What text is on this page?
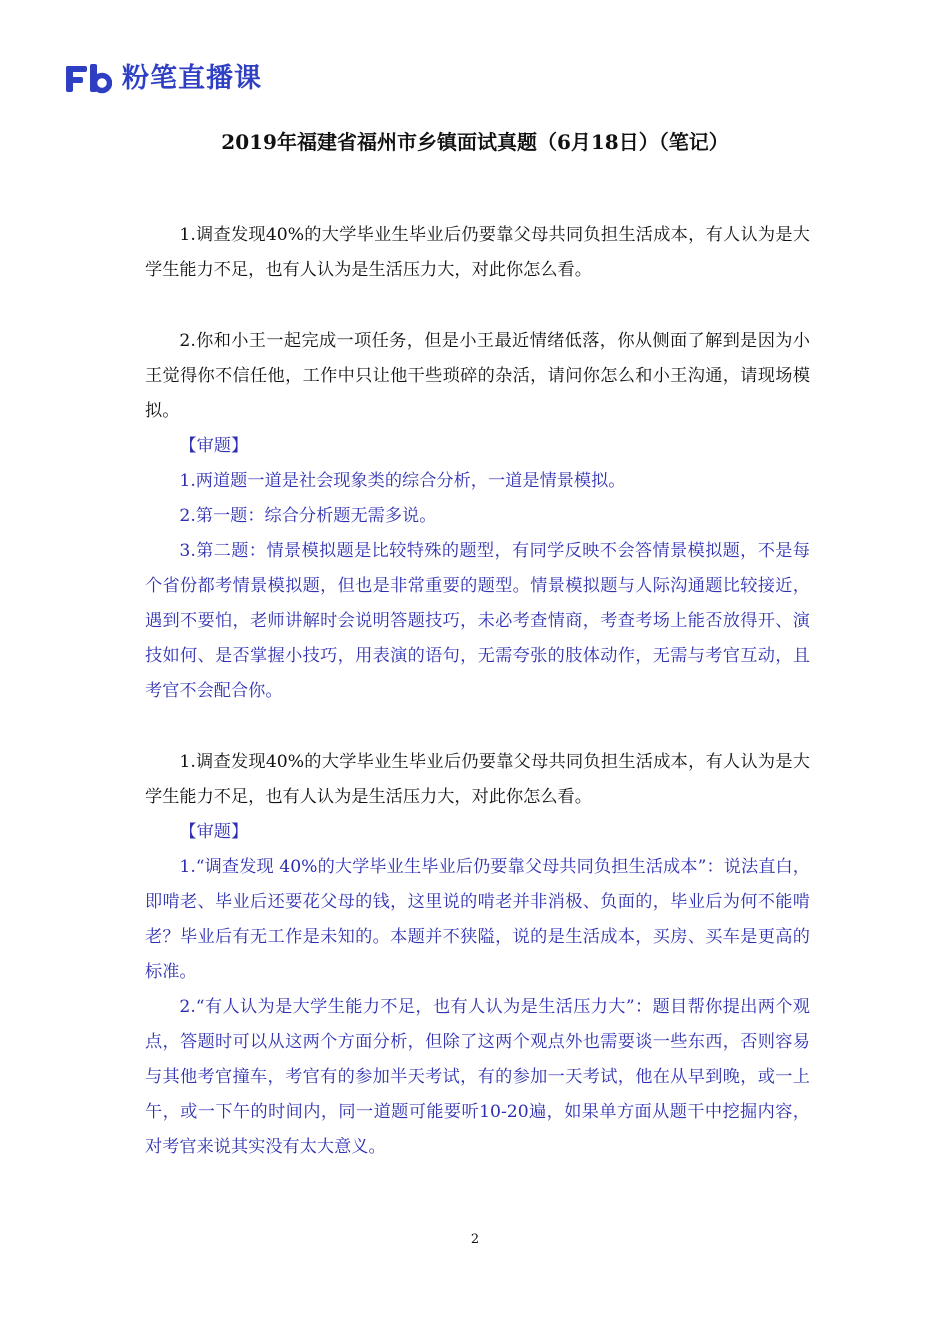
粉笔直播课
2019年福建省福州市乡镇面试真题（6月18日）（笔记）

1.调查发现40%的大学毕业生毕业后仍要靠父母共同负担生活成本，有人认为是大学生能力不足，也有人认为是生活压力大，对此你怎么看。

2.你和小王一起完成一项任务，但是小王最近情绪低落，你从侧面了解到是因为小王觉得你不信任他，工作中只让他干些琐碎的杂活，请问你怎么和小王沟通，请现场模拟。

【审题】

1.两道题一道是社会现象类的综合分析，一道是情景模拟。

2.第一题：综合分析题无需多说。

3.第二题：情景模拟题是比较特殊的题型，有同学反映不会答情景模拟题，不是每个省份都考情景模拟题，但也是非常重要的题型。情景模拟题与人际沟通题比较接近，遇到不要怕，老师讲解时会说明答题技巧，未必考查情商，考查考场上能否放得开、演技如何、是否掌握小技巧，用表演的语句，无需夸张的肢体动作，无需与考官互动，且考官不会配合你。

1.调查发现40%的大学毕业生毕业后仍要靠父母共同负担生活成本，有人认为是大学生能力不足，也有人认为是生活压力大，对此你怎么看。

【审题】

1.“调查发现 40%的大学毕业生毕业后仍要靠父母共同负担生活成本”：说法直白，即啃老、毕业后还要花父母的钱，这里说的啃老并非消极、负面的，毕业后为何不能啃老？毕业后有无工作是未知的。本题并不狭隘，说的是生活成本，买房、买车是更高的标准。

2.“有人认为是大学生能力不足，也有人认为是生活压力大”：题目帮你提出两个观点，答题时可以从这两个方面分析，但除了这两个观点外也需要谈一些东西，否则容易与其他考官撞车，考官有的参加半天考试，有的参加一天考试，他在从早到晚，或一上午，或一下午的时间内，同一道题可能要听10-20遍，如果单方面从题干中挖掘内容，对考官来说其实没有太大意义。

2
